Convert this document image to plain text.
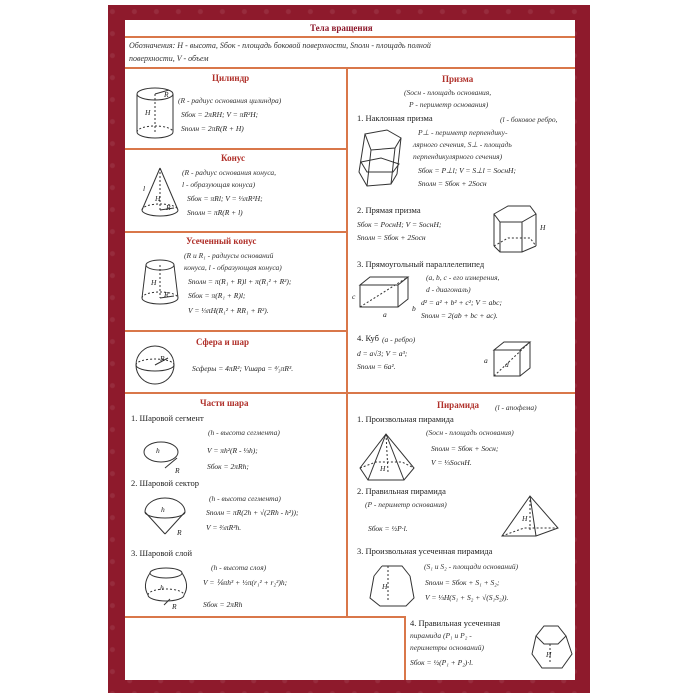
Тела вращения
Обозначения: H - высота, Sбок - площадь боковой поверхности, Sполн - площадь полной
поверхности, V - объем
Цилиндр
H
R
(R - радиус основания цилиндра)
Sбок = 2πRH; V = πR²H;
Sполн = 2πR(R + H)
Конус
l
H
R
(R - радиус основания конуса,
l - образующая конуса)
Sбок = πRl; V = ⅓πR²H;
Sполн = πR(R + l)
Усеченный конус
H
R
(R и R₁ - радиусы оснований
конуса, l - образующая конуса)
Sполн = π(R₁ + R)l + π(R₁² + R²);
Sбок = π(R₁ + R)l;
V = ⅓πH(R₁² + RR₁ + R²).
Сфера и шар
R
Sсферы = 4πR²; Vшара = ⁴⁄₃πR³.
Части шара
1. Шаровой сегмент
h
R
(h - высота сегмента)
V = πh²(R - ⅓h);
Sбок = 2πRh;
2. Шаровой сектор
h
R
(h - высота сегмента)
Sполн = πR(2h + √(2Rh - h²));
V = ⅔πR²h.
3. Шаровой слой
h
R
(h - высота слоя)
V = ⅙πh³ + ½π(r₁² + r₂²)h;
Sбок = 2πRh
Призма
(Sосн - площадь основания,
P - периметр основания)
1. Наклонная призма	(l - боковое ребро,
P⊥ - периметр перпендику-
лярного сечения, S⊥ - площадь
перпендикулярного сечения)
Sбок = P⊥l; V = S⊥l = SоснH;
Sполн = Sбок + 2Sосн
2. Прямая призма
Sбок = PоснH; V = SоснH;
Sполн = Sбок + 2Sосн
H
3. Прямоугольный параллелепипед
(a, b, c - его измерения,
d - диагональ)
c
a
b
d² = a² + b² + c²; V = abc;
Sполн = 2(ab + bc + ac).
4. Куб (a - ребро)
d = a√3; V = a³;
Sполн = 6a².
a d
Пирамида (l - апофема)
1. Произвольная пирамида
(Sосн - площадь основания)
H
Sполн = Sбок + Sосн;
V = ⅓SоснH.
2. Правильная пирамида
(P - периметр основания)
Sбок = ½P·l.
H
3. Произвольная усеченная пирамида
(S₁ и S₂ - площади оснований)
H	Sполн = Sбок + S₁ + S₂;
V = ⅓H(S₁ + S₂ + √(S₁S₂)).
4. Правильная усеченная
пирамида (P₁ и P₂ -
периметры оснований)
Sбок = ½(P₁ + P₂)·l.
H
